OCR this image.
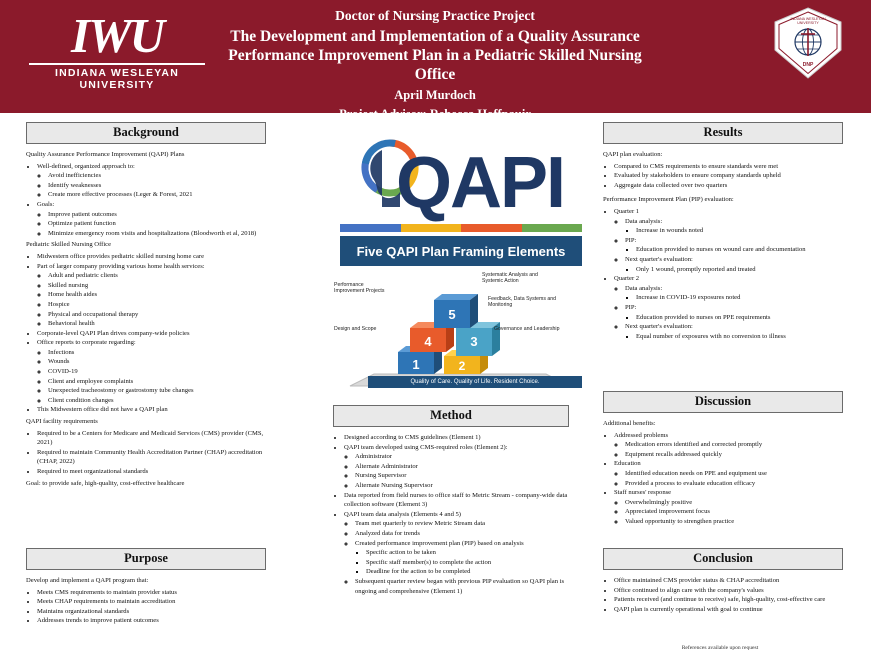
IWU
INDIANA WESLEYAN UNIVERSITY
Doctor of Nursing Practice Project
The Development and Implementation of a Quality Assurance
Performance Improvement Plan in a Pediatric Skilled Nursing Office
April Murdoch
Project Advisor: Rebecca Hoffpauir
INDIANA WESLEYAN
UNIVERSITY
DNP
Background

Quality Assurance Performance Improvement (QAPI) Plans

• Well-defined, organized approach to:
◦ Avoid inefficiencies
◦ Identify weaknesses
◦ Create more effective processes (Leger & Forest, 2021
• Goals:
◦ Improve patient outcomes
◦ Optimize patient function
◦ Minimize emergency room visits and hospitalizations (Bloodworth et al, 2018)

Pediatric Skilled Nursing Office

• Midwestern office provides pediatric skilled nursing home care
• Part of larger company providing various home health services:
◦ Adult and pediatric clients
◦ Skilled nursing
◦ Home health aides
◦ Hospice
◦ Physical and occupational therapy
◦ Behavioral health
• Corporate-level QAPI Plan drives company-wide policies
• Office reports to corporate regarding:
◦ Infections
◦ Wounds
◦ COVID-19
◦ Client and employee complaints
◦ Unexpected tracheostomy or gastrostomy tube changes
◦ Client condition changes
• This Midwestern office did not have a QAPI plan

QAPI facility requirements

• Required to be a Centers for Medicare and Medicaid Services (CMS) provider (CMS, 2021)
• Required to maintain Community Health Accreditation Partner (CHAP) accreditation (CHAP, 2022)
• Required to meet organizational standards

Goal: to provide safe, high-quality, cost-effective healthcare

Purpose

Develop and implement a QAPI program that:

• Meets CMS requirements to maintain provider status
• Meets CHAP requirements to maintain accreditation
• Maintains organizational standards
• Addresses trends to improve patient outcomes
QAPI
Five QAPI Plan Framing Elements
1	2
3
4
5
Performance Improvement Projects
Design and Scope
Systematic Analysis and Systemic Action
Feedback, Data Systems and Monitoring
Governance and Leadership
Quality of Care. Quality of Life. Resident Choice.
Method
• Designed according to CMS guidelines (Element 1)
• QAPI team developed using CMS-required roles (Element 2):
◦ Administrator
◦ Alternate Administrator
◦ Nursing Supervisor
◦ Alternate Nursing Supervisor
• Data reported from field nurses to office staff to Metric Stream - company-wide data collection software (Element 3)
• QAPI team data analysis (Elements 4 and 5)
◦ Team met quarterly to review Metric Stream data
◦ Analyzed data for trends
◦ Created performance improvement plan (PIP) based on analysis
▪ Specific action to be taken
▪ Specific staff member(s) to complete the action
▪ Deadline for the action to be completed
◦ Subsequent quarter review began with previous PIP evaluation so QAPI plan is ongoing and comprehensive (Element 1)
Results

QAPI plan evaluation:

• Compared to CMS requirements to ensure standards were met
• Evaluated by stakeholders to ensure company standards upheld
• Aggregate data collected over two quarters

Performance Improvement Plan (PIP) evaluation:

• Quarter 1
◦ Data analysis:
▪ Increase in wounds noted
◦ PIP:
▪ Education provided to nurses on wound care and documentation
◦ Next quarter's evaluation:
▪ Only 1 wound, promptly reported and treated
• Quarter 2
◦ Data analysis:
▪ Increase in COVID-19 exposures noted
◦ PIP:
▪ Education provided to nurses on PPE requirements
◦ Next quarter's evaluation:
▪ Equal number of exposures with no conversion to illness
Discussion

Additional benefits:

• Addressed problems
◦ Medication errors identified and corrected promptly
◦ Equipment recalls addressed quickly
• Education
◦ Identified education needs on PPE and equipment use
◦ Provided a process to evaluate education efficacy
• Staff nurses' response
◦ Overwhelmingly positive
◦ Appreciated improvement focus
◦ Valued opportunity to strengthen practice
Conclusion
• Office maintained CMS provider status & CHAP accreditation
• Office continued to align care with the company's values
• Patients received (and continue to receive) safe, high-quality, cost-effective care
• QAPI plan is currently operational with goal to continue
References available upon request
